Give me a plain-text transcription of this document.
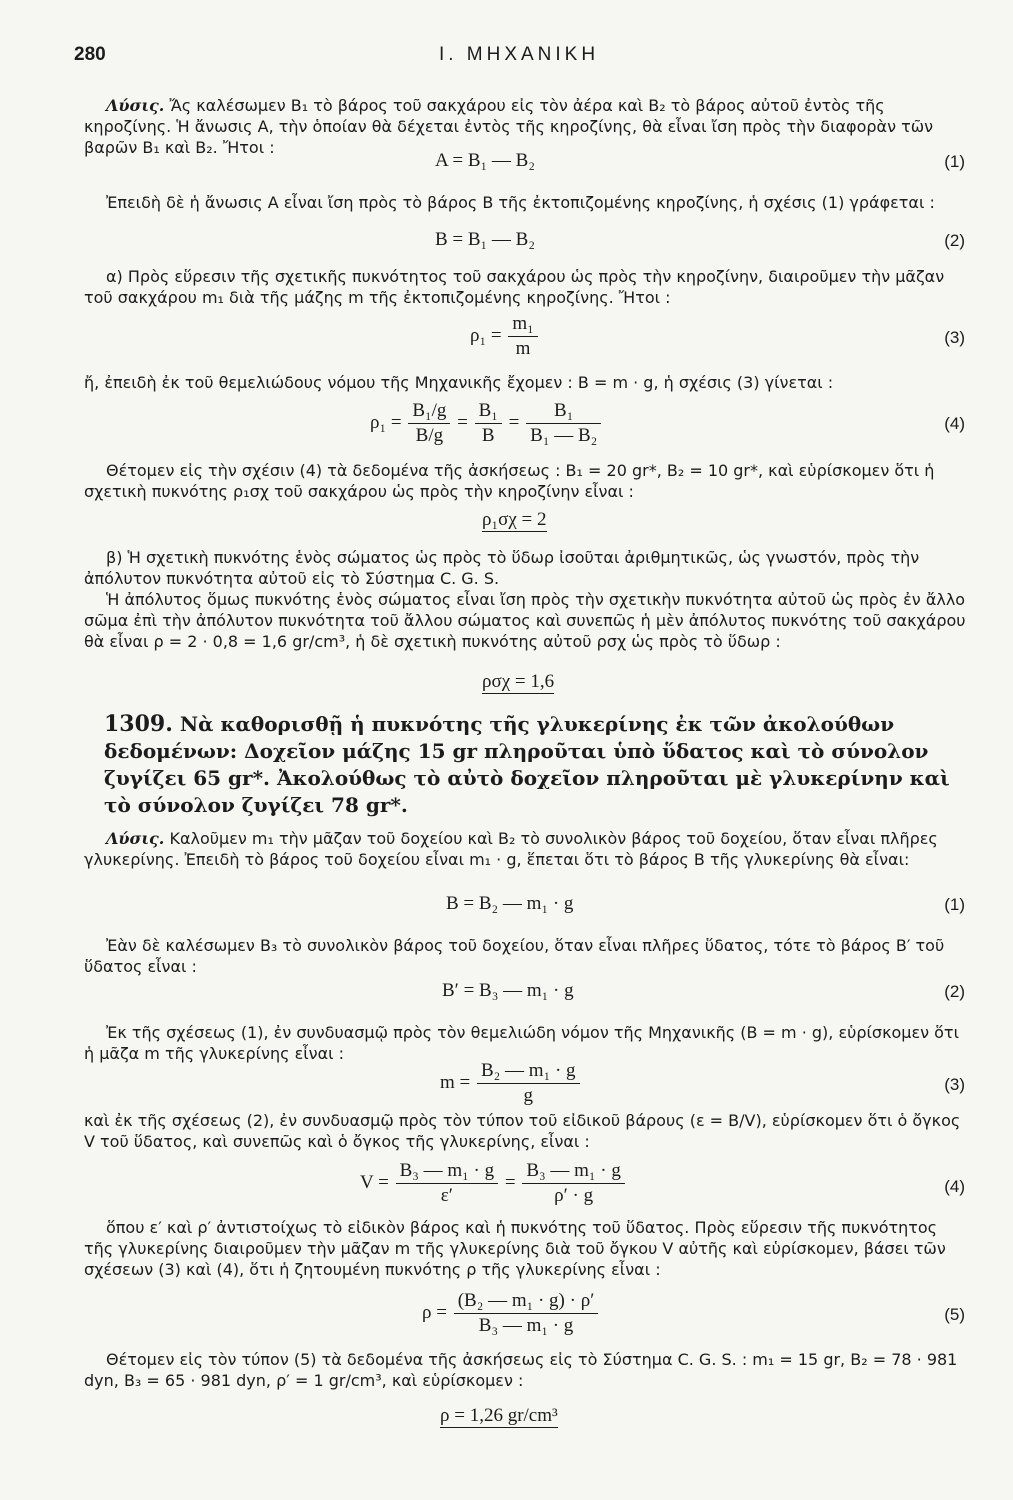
280	Ι. ΜΗΧΑΝΙΚΗ

Λύσις. Ἄς καλέσωμεν B₁ τὸ βάρος τοῦ σακχάρου εἰς τὸν ἀέρα καὶ B₂ τὸ βάρος αὐτοῦ ἐντὸς τῆς κηροζίνης. Ἡ ἄνωσις A, τὴν ὁποίαν θὰ δέχεται ἐντὸς τῆς κηροζίνης, θὰ εἶναι ἴση πρὸς τὴν διαφορὰν τῶν βαρῶν B₁ καὶ B₂. Ἤτοι :

A = B₁ — B₂	(1)

Ἐπειδὴ δὲ ἡ ἄνωσις A εἶναι ἴση πρὸς τὸ βάρος B τῆς ἐκτοπιζομένης κηροζίνης, ἡ σχέσις (1) γράφεται :

B = B₁ — B₂	(2)

α) Πρὸς εὕρεσιν τῆς σχετικῆς πυκνότητος τοῦ σακχάρου ὡς πρὸς τὴν κηροζίνην, διαιροῦμεν τὴν μᾶζαν τοῦ σακχάρου m₁ διὰ τῆς μάζης m τῆς ἐκτοπιζομένης κηροζίνης. Ἤτοι :

$\rho_1 = \frac{\text{m₁}}{m}$	(3)

ἤ, ἐπειδὴ ἐκ τοῦ θεμελιώδους νόμου τῆς Μηχανικῆς ἔχομεν : B = m · g, ἡ σχέσις (3) γίνεται :

$\rho_1 = \frac{\text{B₁/g}}{B/g} = \frac{\text{B₁}}{B} = \frac{\text{B₁}}{\text{B₁ — B₂}}$	(4)

Θέτομεν εἰς τὴν σχέσιν (4) τὰ δεδομένα τῆς ἀσκήσεως : B₁ = 20 gr*, B₂ = 10 gr*, καὶ εὑρίσκομεν ὅτι ἡ σχετικὴ πυκνότης ρ₁σχ τοῦ σακχάρου ὡς πρὸς τὴν κηροζίνην εἶναι :

ρ₁σχ = 2

β) Ἡ σχετικὴ πυκνότης ἑνὸς σώματος ὡς πρὸς τὸ ὕδωρ ἰσοῦται ἀριθμητικῶς, ὡς γνωστόν, πρὸς τὴν ἀπόλυτον πυκνότητα αὐτοῦ εἰς τὸ Σύστημα C. G. S.

Ἡ ἀπόλυτος ὅμως πυκνότης ἑνὸς σώματος εἶναι ἴση πρὸς τὴν σχετικὴν πυκνότητα αὐτοῦ ὡς πρὸς ἐν ἄλλο σῶμα ἐπὶ τὴν ἀπόλυτον πυκνότητα τοῦ ἄλλου σώματος καὶ συνεπῶς ἡ μὲν ἀπόλυτος πυκνότης τοῦ σακχάρου θὰ εἶναι ρ = 2 · 0,8 = 1,6 gr/cm³, ἡ δὲ σχετικὴ πυκνότης αὐτοῦ ρσχ ὡς πρὸς τὸ ὕδωρ :

ρσχ = 1,6
1309. Νὰ καθορισθῇ ἡ πυκνότης τῆς γλυκερίνης ἐκ τῶν ἀκολούθων δεδομένων: Δοχεῖον μάζης 15 gr πληροῦται ὑπὸ ὕδατος καὶ τὸ σύνολον ζυγίζει 65 gr*. Ἀκολούθως τὸ αὐτὸ δοχεῖον πληροῦται μὲ γλυκερίνην καὶ τὸ σύνολον ζυγίζει 78 gr*.

Λύσις. Καλοῦμεν m₁ τὴν μᾶζαν τοῦ δοχείου καὶ B₂ τὸ συνολικὸν βάρος τοῦ δοχείου, ὅταν εἶναι πλῆρες γλυκερίνης. Ἐπειδὴ τὸ βάρος τοῦ δοχείου εἶναι m₁ · g, ἕπεται ὅτι τὸ βάρος B τῆς γλυκερίνης θὰ εἶναι:

B = B₂ — m₁ · g	(1)

Ἐὰν δὲ καλέσωμεν B₃ τὸ συνολικὸν βάρος τοῦ δοχείου, ὅταν εἶναι πλῆρες ὕδατος, τότε τὸ βάρος B′ τοῦ ὕδατος εἶναι :

B′ = B₃ — m₁ · g	(2)

Ἐκ τῆς σχέσεως (1), ἐν συνδυασμῷ πρὸς τὸν θεμελιώδη νόμον τῆς Μηχανικῆς (B = m · g), εὑρίσκομεν ὅτι ἡ μᾶζα m τῆς γλυκερίνης εἶναι :

$m = \frac{\text{B₂ — m₁ · g}}{g}$	(3)

καὶ ἐκ τῆς σχέσεως (2), ἐν συνδυασμῷ πρὸς τὸν τύπον τοῦ εἰδικοῦ βάρους (ε = B/V), εὑρίσκομεν ὅτι ὁ ὄγκος V τοῦ ὕδατος, καὶ συνεπῶς καὶ ὁ ὄγκος τῆς γλυκερίνης, εἶναι :

$V = \frac{\text{B₃ — m₁ · g}}{\varepsilon'} = \frac{\text{B₃ — m₁ · g}}{\rho' \cdot g}$	(4)

ὅπου ε′ καὶ ρ′ ἀντιστοίχως τὸ εἰδικὸν βάρος καὶ ἡ πυκνότης τοῦ ὕδατος. Πρὸς εὕρεσιν τῆς πυκνότητος τῆς γλυκερίνης διαιροῦμεν τὴν μᾶζαν m τῆς γλυκερίνης διὰ τοῦ ὄγκου V αὐτῆς καὶ εὑρίσκομεν, βάσει τῶν σχέσεων (3) καὶ (4), ὅτι ἡ ζητουμένη πυκνότης ρ τῆς γλυκερίνης εἶναι :

$\rho = \frac{\text{(B₂ — m₁ · g) · ρ′}}{\text{B₃ — m₁ · g}}$	(5)

Θέτομεν εἰς τὸν τύπον (5) τὰ δεδομένα τῆς ἀσκήσεως εἰς τὸ Σύστημα C. G. S. : m₁ = 15 gr, B₂ = 78 · 981 dyn, B₃ = 65 · 981 dyn, ρ′ = 1 gr/cm³, καὶ εὑρίσκομεν :

ρ = 1,26 gr/cm³
